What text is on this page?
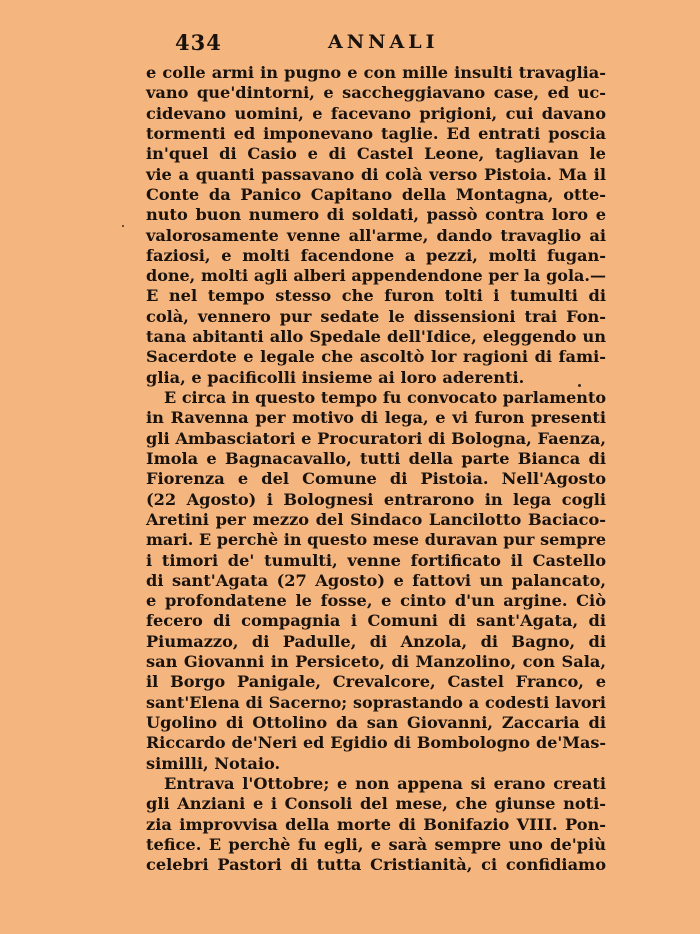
434	ANNALI
e colle armi in pugno e con mille insulti travaglia-
vano que'dintorni, e saccheggiavano case, ed uc-
cidevano uomini, e facevano prigioni, cui davano
tormenti ed imponevano taglie. Ed entrati poscia
in'quel di Casio e di Castel Leone, tagliavan le
vie a quanti passavano di colà verso Pistoia. Ma il
Conte da Panico Capitano della Montagna, otte-
nuto buon numero di soldati, passò contra loro e
valorosamente venne all'arme, dando travaglio ai
faziosi, e molti facendone a pezzi, molti fugan-
done, molti agli alberi appendendone per la gola.—
E nel tempo stesso che furon tolti i tumulti di
colà, vennero pur sedate le dissensioni trai Fon-
tana abitanti allo Spedale dell'Idice, eleggendo un
Sacerdote e legale che ascoltò lor ragioni di fami-
glia, e pacificolli insieme ai loro aderenti.
E circa in questo tempo fu convocato parlamento
in Ravenna per motivo di lega, e vi furon presenti
gli Ambasciatori e Procuratori di Bologna, Faenza,
Imola e Bagnacavallo, tutti della parte Bianca di
Fiorenza e del Comune di Pistoia. Nell'Agosto
(22 Agosto) i Bolognesi entrarono in lega cogli
Aretini per mezzo del Sindaco Lancilotto Baciaco-
mari. E perchè in questo mese duravan pur sempre
i timori de' tumulti, venne fortificato il Castello
di sant'Agata (27 Agosto) e fattovi un palancato,
e profondatene le fosse, e cinto d'un argine. Ciò
fecero di compagnia i Comuni di sant'Agata, di
Piumazzo, di Padulle, di Anzola, di Bagno, di
san Giovanni in Persiceto, di Manzolino, con Sala,
il Borgo Panigale, Crevalcore, Castel Franco, e
sant'Elena di Sacerno; soprastando a codesti lavori
Ugolino di Ottolino da san Giovanni, Zaccaria di
Riccardo de'Neri ed Egidio di Bombologno de'Mas-
similli, Notaio.
Entrava l'Ottobre; e non appena si erano creati
gli Anziani e i Consoli del mese, che giunse noti-
zia improvvisa della morte di Bonifazio VIII. Pon-
tefice. E perchè fu egli, e sarà sempre uno de'più
celebri Pastori di tutta Cristianità, ci confidiamo
